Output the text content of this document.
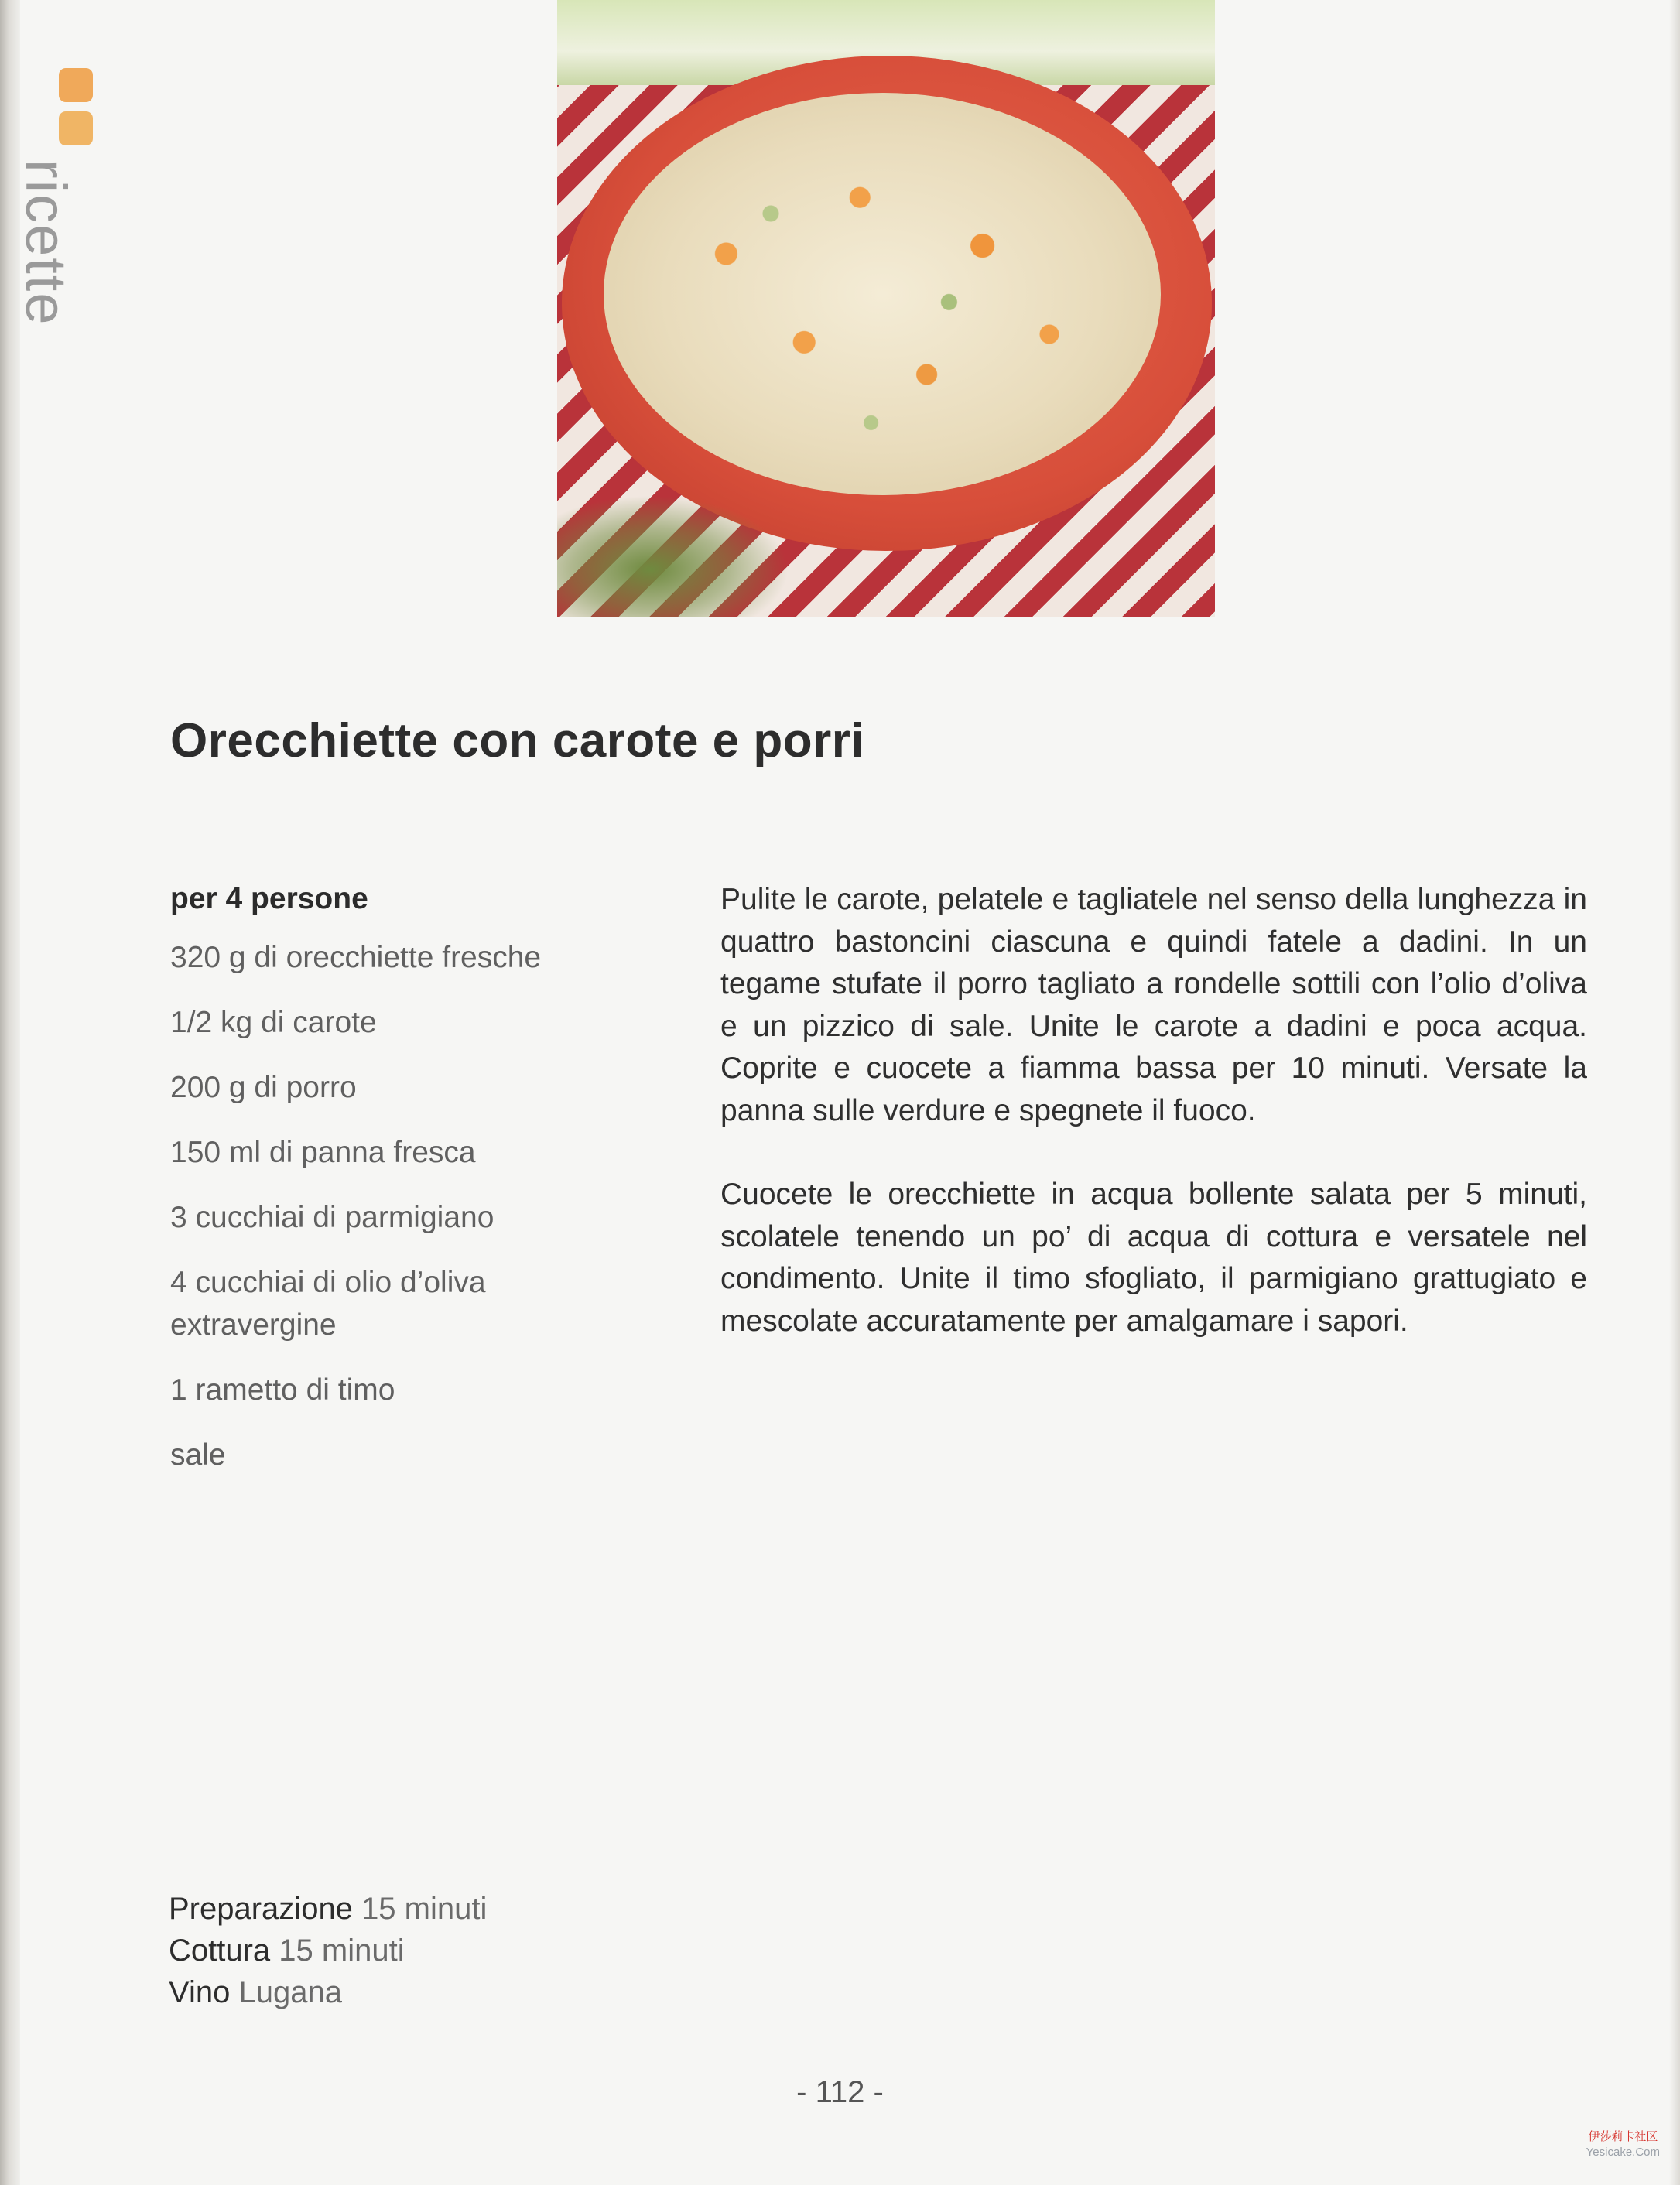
ricette
Orecchiette con carote e porri
per 4 persone
320 g di orecchiette fresche
1/2 kg di carote
200 g di porro
150 ml di panna fresca
3 cucchiai di parmigiano
4 cucchiai di olio d’oliva extravergine
1 rametto di timo
sale

Pulite le carote, pelatele e tagliatele nel senso della lunghezza in quattro bastoncini ciascuna e quindi fatele a dadini. In un tegame stufate il porro tagliato a rondelle sottili con l’olio d’oliva e un pizzico di sale. Unite le carote a dadini e poca acqua. Coprite e cuocete a fiamma bassa per 10 minuti. Versate la panna sulle verdure e spegnete il fuoco.

Cuocete le orecchiette in acqua bollente salata per 5 minuti, scolatele tenendo un po’ di acqua di cottura e versatele nel condimento. Unite il timo sfogliato, il parmigiano grattugiato e mescolate accuratamente per amalgamare i sapori.

Preparazione 15 minuti
Cottura 15 minuti
Vino Lugana
- 112 -
伊莎莉卡社区
Yesicake.Com
